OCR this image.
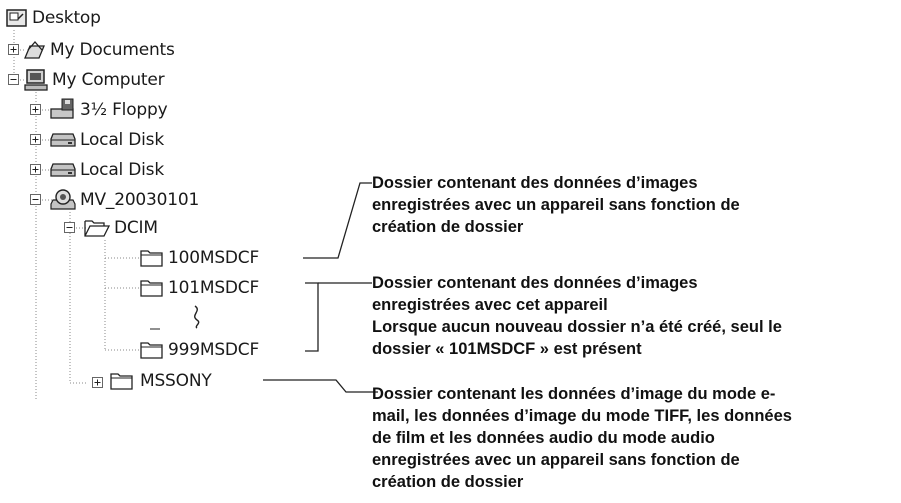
Desktop
My Documents
My Computer
3½ Floppy
Local Disk
Local Disk
MV_20030101
DCIM
100MSDCF
101MSDCF
999MSDCF
MSSONY
Dossier contenant des données d’images
enregistrées avec un appareil sans fonction de
création de dossier
Dossier contenant des données d’images
enregistrées avec cet appareil
Lorsque aucun nouveau dossier n’a été créé, seul le
dossier « 101MSDCF » est présent
Dossier contenant les données d’image du mode e-
mail, les données d’image du mode TIFF, les données
de film et les données audio du mode audio
enregistrées avec un appareil sans fonction de
création de dossier
